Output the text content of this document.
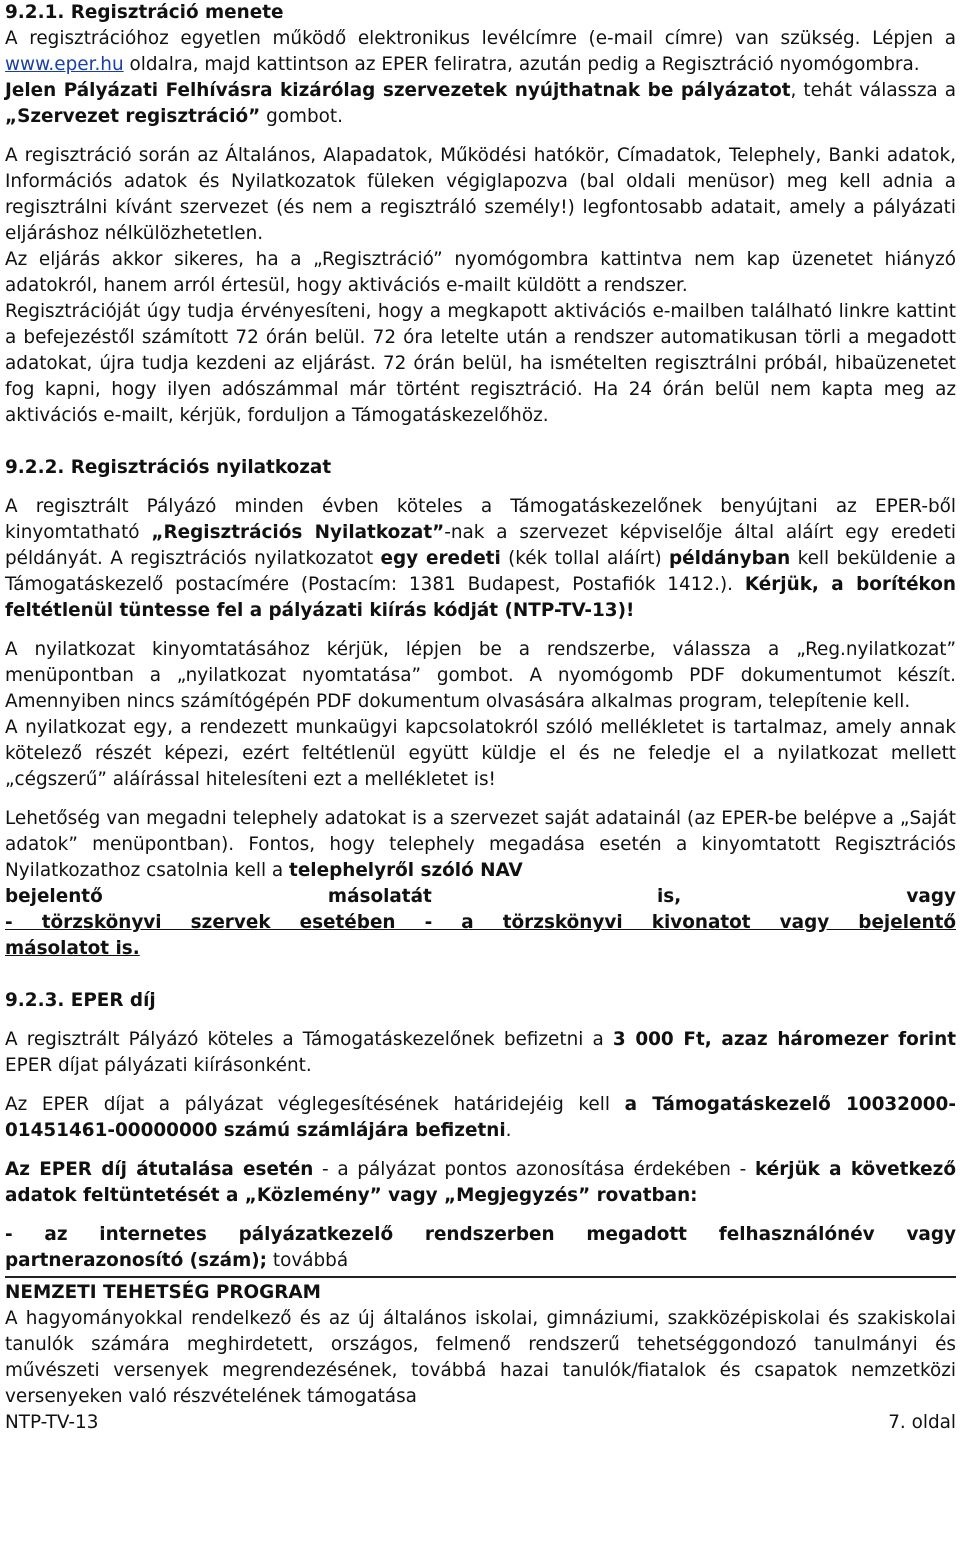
9.2.1. Regisztráció menete

A regisztrációhoz egyetlen működő elektronikus levélcímre (e-mail címre) van szükség. Lépjen a www.eper.hu oldalra, majd kattintson az EPER feliratra, azután pedig a Regisztráció nyomógombra.

Jelen Pályázati Felhívásra kizárólag szervezetek nyújthatnak be pályázatot, tehát válassza a „Szervezet regisztráció” gombot.

A regisztráció során az Általános, Alapadatok, Működési hatókör, Címadatok, Telephely, Banki adatok, Információs adatok és Nyilatkozatok füleken végiglapozva (bal oldali menüsor) meg kell adnia a regisztrálni kívánt szervezet (és nem a regisztráló személy!) legfontosabb adatait, amely a pályázati eljáráshoz nélkülözhetetlen.

Az eljárás akkor sikeres, ha a „Regisztráció” nyomógombra kattintva nem kap üzenetet hiányzó adatokról, hanem arról értesül, hogy aktivációs e-mailt küldött a rendszer.

Regisztrációját úgy tudja érvényesíteni, hogy a megkapott aktivációs e-mailben található linkre kattint a befejezéstől számított 72 órán belül. 72 óra letelte után a rendszer automatikusan törli a megadott adatokat, újra tudja kezdeni az eljárást. 72 órán belül, ha ismételten regisztrálni próbál, hibaüzenetet fog kapni, hogy ilyen adószámmal már történt regisztráció. Ha 24 órán belül nem kapta meg az aktivációs e-mailt, kérjük, forduljon a Támogatáskezelőhöz.

9.2.2. Regisztrációs nyilatkozat

A regisztrált Pályázó minden évben köteles a Támogatáskezelőnek benyújtani az EPER-ből kinyomtatható „Regisztrációs Nyilatkozat”-nak a szervezet képviselője által aláírt egy eredeti példányát. A regisztrációs nyilatkozatot egy eredeti (kék tollal aláírt) példányban kell beküldenie a Támogatáskezelő postacímére (Postacím: 1381 Budapest, Postafiók 1412.). Kérjük, a borítékon feltétlenül tüntesse fel a pályázati kiírás kódját (NTP-TV-13)!

A nyilatkozat kinyomtatásához kérjük, lépjen be a rendszerbe, válassza a „Reg.nyilatkozat” menüpontban a „nyilatkozat nyomtatása” gombot. A nyomógomb PDF dokumentumot készít. Amennyiben nincs számítógépén PDF dokumentum olvasására alkalmas program, telepítenie kell.

A nyilatkozat egy, a rendezett munkaügyi kapcsolatokról szóló mellékletet is tartalmaz, amely annak kötelező részét képezi, ezért feltétlenül együtt küldje el és ne feledje el a nyilatkozat mellett „cégszerű” aláírással hitelesíteni ezt a mellékletet is!

Lehetőség van megadni telephely adatokat is a szervezet saját adatainál (az EPER-be belépve a „Saját adatok” menüpontban). Fontos, hogy telephely megadása esetén a kinyomtatott Regisztrációs Nyilatkozathoz csatolnia kell a telephelyről szóló NAV

bejelentő másolatát is, vagy

- törzskönyvi szervek esetében - a törzskönyvi kivonatot vagy bejelentő

másolatot is.

9.2.3. EPER díj

A regisztrált Pályázó köteles a Támogatáskezelőnek befizetni a 3 000 Ft, azaz háromezer forint EPER díjat pályázati kiírásonként.

Az EPER díjat a pályázat véglegesítésének határidejéig kell a Támogatáskezelő 10032000-01451461-00000000 számú számlájára befizetni.

Az EPER díj átutalása esetén - a pályázat pontos azonosítása érdekében - kérjük a következő adatok feltüntetését a „Közlemény” vagy „Megjegyzés” rovatban:

- az internetes pályázatkezelő rendszerben megadott felhasználónév vagy partnerazonosító (szám); továbbá

NEMZETI TEHETSÉG PROGRAM

A hagyományokkal rendelkező és az új általános iskolai, gimnáziumi, szakközépiskolai és szakiskolai tanulók számára meghirdetett, országos, felmenő rendszerű tehetséggondozó tanulmányi és művészeti versenyek megrendezésének, továbbá hazai tanulók/fiatalok és csapatok nemzetközi versenyeken való részvételének támogatása

NTP-TV-13	7. oldal
